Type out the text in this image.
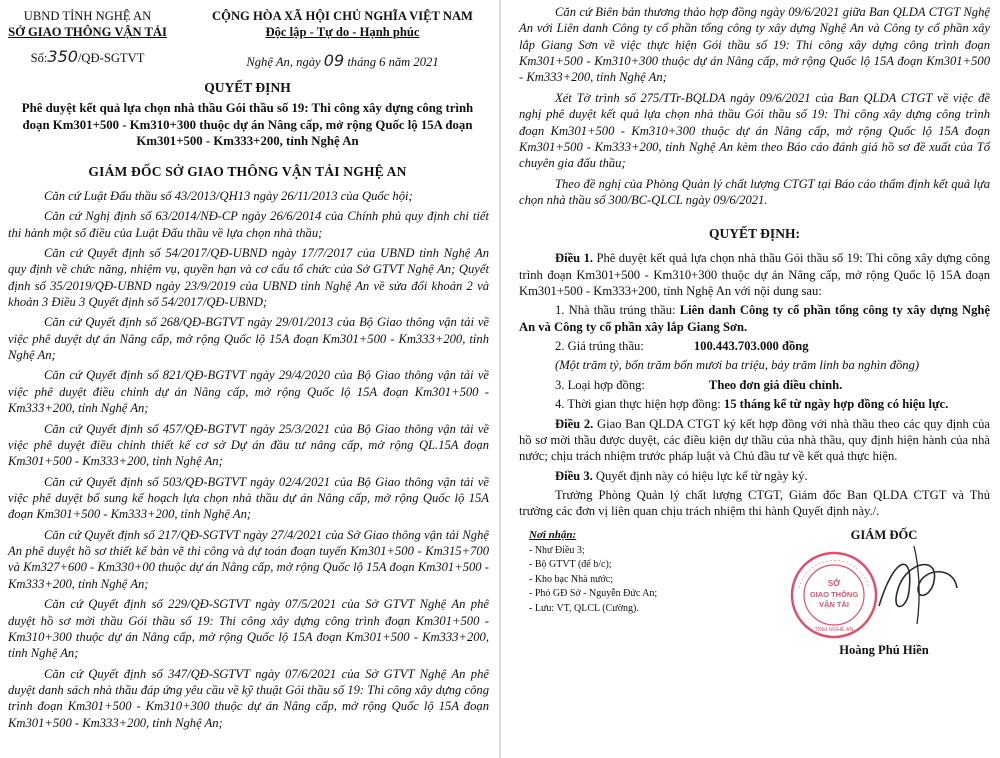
UBND TỈNH NGHỆ AN
SỞ GIAO THÔNG VẬN TẢI
Số:350/QĐ-SGTVT
CỘNG HÒA XÃ HỘI CHỦ NGHĨA VIỆT NAM
Độc lập - Tự do - Hạnh phúc
Nghệ An, ngày 09 tháng 6 năm 2021
QUYẾT ĐỊNH
Phê duyệt kết quả lựa chọn nhà thầu Gói thầu số 19: Thi công xây dựng công trình đoạn Km301+500 - Km310+300 thuộc dự án Nâng cấp, mở rộng Quốc lộ 15A đoạn Km301+500 - Km333+200, tỉnh Nghệ An
GIÁM ĐỐC SỞ GIAO THÔNG VẬN TẢI NGHỆ AN

Căn cứ Luật Đấu thầu số 43/2013/QH13 ngày 26/11/2013 của Quốc hội;

Căn cứ Nghị định số 63/2014/NĐ-CP ngày 26/6/2014 của Chính phủ quy định chi tiết thi hành một số điều của Luật Đấu thầu về lựa chọn nhà thầu;

Căn cứ Quyết định số 54/2017/QĐ-UBND ngày 17/7/2017 của UBND tỉnh Nghệ An quy định về chức năng, nhiệm vụ, quyền hạn và cơ cấu tổ chức của Sở GTVT Nghệ An; Quyết định số 35/2019/QĐ-UBND ngày 23/9/2019 của UBND tỉnh Nghệ An về sửa đổi khoản 2 và khoản 3 Điều 3 Quyết định số 54/2017/QĐ-UBND;

Căn cứ Quyết định số 268/QĐ-BGTVT ngày 29/01/2013 của Bộ Giao thông vận tải về việc phê duyệt dự án Nâng cấp, mở rộng Quốc lộ 15A đoạn Km301+500 - Km333+200, tỉnh Nghệ An;

Căn cứ Quyết định số 821/QĐ-BGTVT ngày 29/4/2020 của Bộ Giao thông vận tải về việc phê duyệt điều chỉnh dự án Nâng cấp, mở rộng Quốc lộ 15A đoạn Km301+500 - Km333+200, tỉnh Nghệ An;

Căn cứ Quyết định số 457/QĐ-BGTVT ngày 25/3/2021 của Bộ Giao thông vận tải về việc phê duyệt điều chỉnh thiết kế cơ sở Dự án đầu tư nâng cấp, mở rộng QL.15A đoạn Km301+500 - Km333+200, tỉnh Nghệ An;

Căn cứ Quyết định số 503/QĐ-BGTVT ngày 02/4/2021 của Bộ Giao thông vận tải về việc phê duyệt bổ sung kế hoạch lựa chọn nhà thầu dự án Nâng cấp, mở rộng Quốc lộ 15A đoạn Km301+500 - Km333+200, tỉnh Nghệ An;

Căn cứ Quyết định số 217/QĐ-SGTVT ngày 27/4/2021 của Sở Giao thông vận tải Nghệ An phê duyệt hồ sơ thiết kế bản vẽ thi công và dự toán đoạn tuyến Km301+500 - Km315+700 và Km327+600 - Km330+00 thuộc dự án Nâng cấp, mở rộng Quốc lộ 15A đoạn Km301+500 - Km333+200, tỉnh Nghệ An;

Căn cứ Quyết định số 229/QĐ-SGTVT ngày 07/5/2021 của Sở GTVT Nghệ An phê duyệt hồ sơ mời thầu Gói thầu số 19: Thi công xây dựng công trình đoạn Km301+500 - Km310+300 thuộc dự án Nâng cấp, mở rộng Quốc lộ 15A đoạn Km301+500 - Km333+200, tỉnh Nghệ An;

Căn cứ Quyết định số 347/QĐ-SGTVT ngày 07/6/2021 của Sở GTVT Nghệ An phê duyệt danh sách nhà thầu đáp ứng yêu cầu về kỹ thuật Gói thầu số 19: Thi công xây dựng công trình đoạn Km301+500 - Km310+300 thuộc dự án Nâng cấp, mở rộng Quốc lộ 15A đoạn Km301+500 - Km333+200, tỉnh Nghệ An;

Căn cứ Biên bản thương thảo hợp đồng ngày 09/6/2021 giữa Ban QLDA CTGT Nghệ An với Liên danh Công ty cổ phần tổng công ty xây dựng Nghệ An và Công ty cổ phần xây lắp Giang Sơn về việc thực hiện Gói thầu số 19: Thi công xây dựng công trình đoạn Km301+500 - Km310+300 thuộc dự án Nâng cấp, mở rộng Quốc lộ 15A đoạn Km301+500 - Km333+200, tỉnh Nghệ An;

Xét Tờ trình số 275/TTr-BQLDA ngày 09/6/2021 của Ban QLDA CTGT về việc đề nghị phê duyệt kết quả lựa chọn nhà thầu Gói thầu số 19: Thi công xây dựng công trình đoạn Km301+500 - Km310+300 thuộc dự án Nâng cấp, mở rộng Quốc lộ 15A đoạn Km301+500 - Km333+200, tỉnh Nghệ An kèm theo Báo cáo đánh giá hồ sơ đề xuất của Tổ chuyên gia đấu thầu;

Theo đề nghị của Phòng Quản lý chất lượng CTGT tại Báo cáo thẩm định kết quả lựa chọn nhà thầu số 300/BC-QLCL ngày 09/6/2021.

QUYẾT ĐỊNH:

Điều 1. Phê duyệt kết quả lựa chọn nhà thầu Gói thầu số 19: Thi công xây dựng công trình đoạn Km301+500 - Km310+300 thuộc dự án Nâng cấp, mở rộng Quốc lộ 15A đoạn Km301+500 - Km333+200, tỉnh Nghệ An với nội dung sau:

1. Nhà thầu trúng thầu: Liên danh Công ty cổ phần tổng công ty xây dựng Nghệ An và Công ty cổ phần xây lắp Giang Sơn.

2. Giá trúng thầu:	100.443.703.000 đồng

(Một trăm tỷ, bốn trăm bốn mươi ba triệu, bảy trăm linh ba nghìn đồng)

3. Loại hợp đồng:	Theo đơn giá điều chỉnh.

4. Thời gian thực hiện hợp đồng: 15 tháng kể từ ngày hợp đồng có hiệu lực.

Điều 2. Giao Ban QLDA CTGT ký kết hợp đồng với nhà thầu theo các quy định của hồ sơ mời thầu được duyệt, các điều kiện dự thầu của nhà thầu, quy định hiện hành của nhà nước; chịu trách nhiệm trước pháp luật và Chủ đầu tư về kết quả thực hiện.

Điều 3. Quyết định này có hiệu lực kể từ ngày ký.

Trưởng Phòng Quản lý chất lượng CTGT, Giám đốc Ban QLDA CTGT và Thủ trưởng các đơn vị liên quan chịu trách nhiệm thi hành Quyết định này./.

Nơi nhận:
- Như Điều 3;
- Bộ GTVT (để b/c);
- Kho bạc Nhà nước;
- Phó GĐ Sở - Nguyễn Đức An;
- Lưu: VT, QLCL (Cường).
GIÁM ĐỐC
SỞ
GIAO THÔNG
VẬN TẢI
TỈNH NGHỆ AN
Hoàng Phú Hiền
